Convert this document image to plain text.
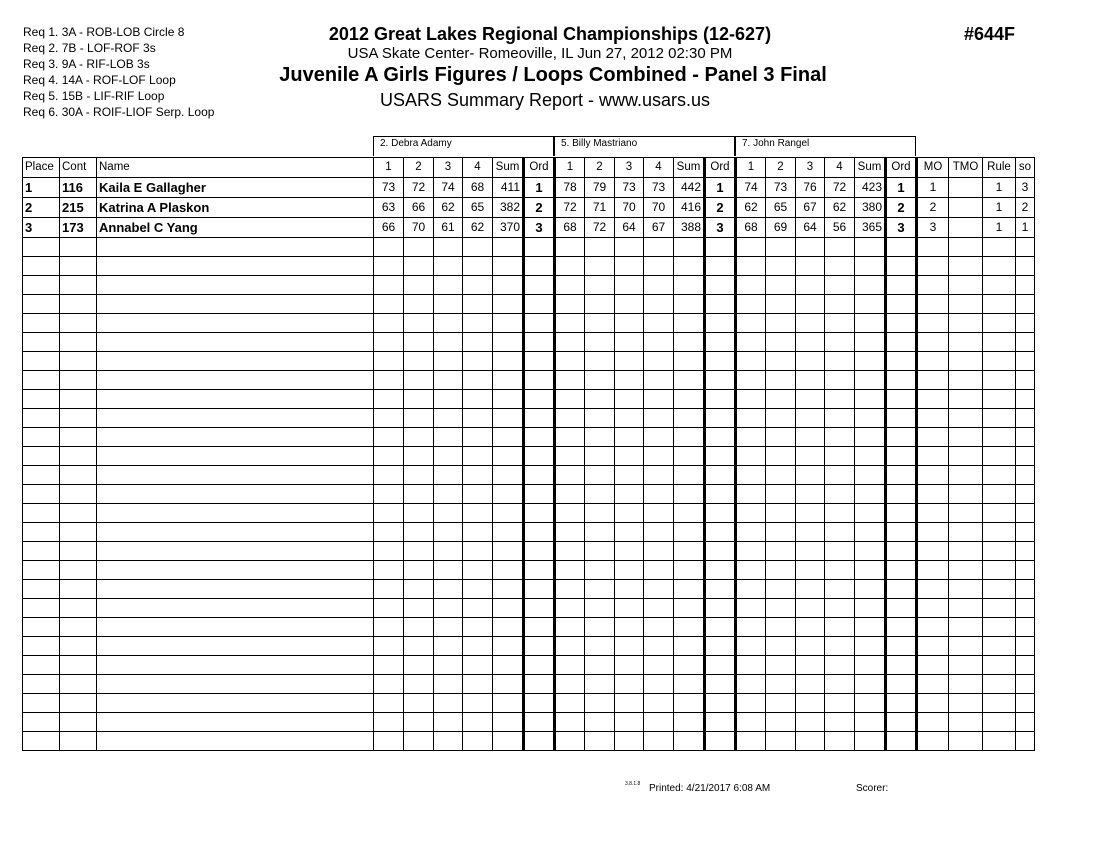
Req 1. 3A - ROB-LOB Circle 8
Req 2. 7B - LOF-ROF 3s
Req 3. 9A - RIF-LOB 3s
Req 4. 14A - ROF-LOF Loop
Req 5. 15B - LIF-RIF Loop
Req 6. 30A - ROIF-LIOF Serp. Loop
2012 Great Lakes Regional Championships (12-627)
USA Skate Center- Romeoville, IL Jun 27, 2012 02:30 PM
Juvenile A Girls Figures / Loops Combined - Panel 3 Final
USARS Summary Report - www.usars.us
#644F
2. Debra Adamy	5. Billy Mastriano	7. John Rangel
Place	Cont	Name	1	2	3	4	Sum	Ord	1	2	3	4	Sum	Ord	1	2	3	4	Sum	Ord	MO	TMO	Rule	so
1	116	Kaila E Gallagher	73	72	74	68	411	1	78	79	73	73	442	1	74	73	76	72	423	1	1		1	3
2	215	Katrina A Plaskon	63	66	62	65	382	2	72	71	70	70	416	2	62	65	67	62	380	2	2		1	2
3	173	Annabel C Yang	66	70	61	62	370	3	68	72	64	67	388	3	68	69	64	56	365	3	3		1	1

3.8.1.8 Printed: 4/21/2017 6:08 AM	Scorer:
